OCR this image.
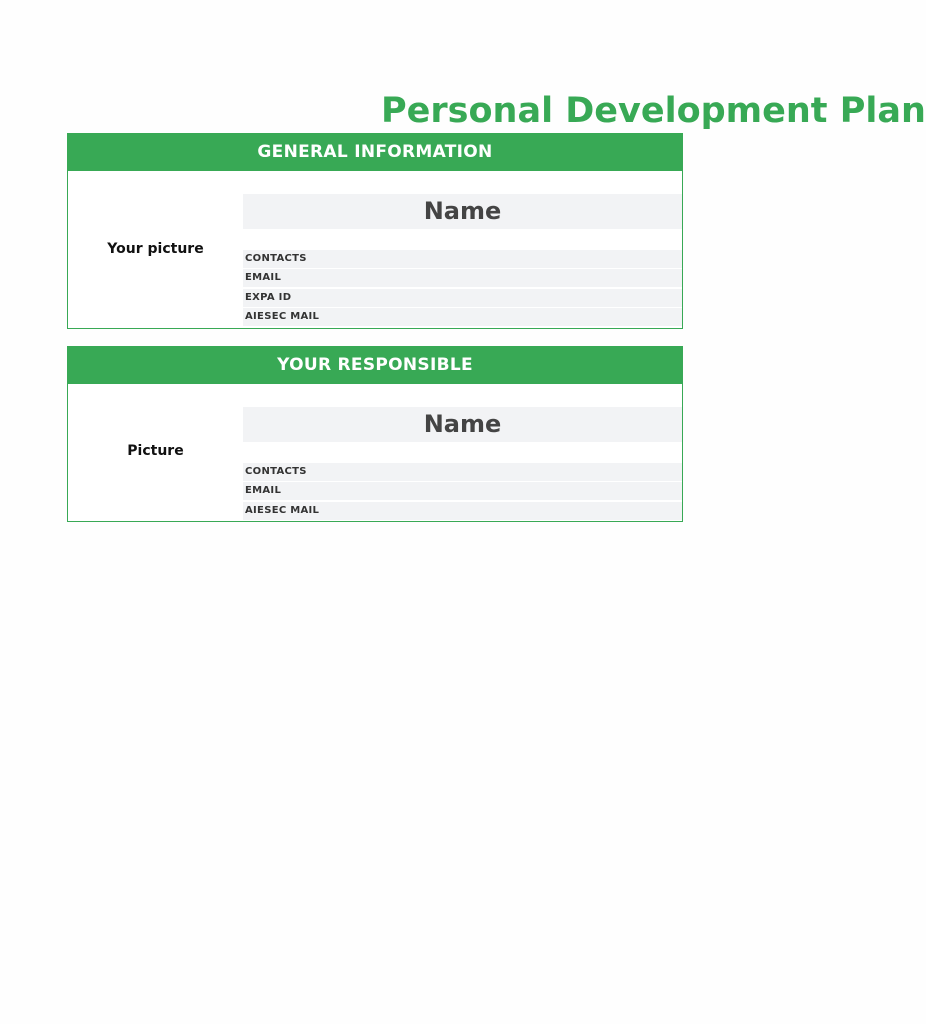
Personal Development Plan
GENERAL INFORMATION
Your picture
Name
CONTACTS
EMAIL
EXPA ID
AIESEC MAIL
YOUR RESPONSIBLE
Picture
Name
CONTACTS
EMAIL
AIESEC MAIL
